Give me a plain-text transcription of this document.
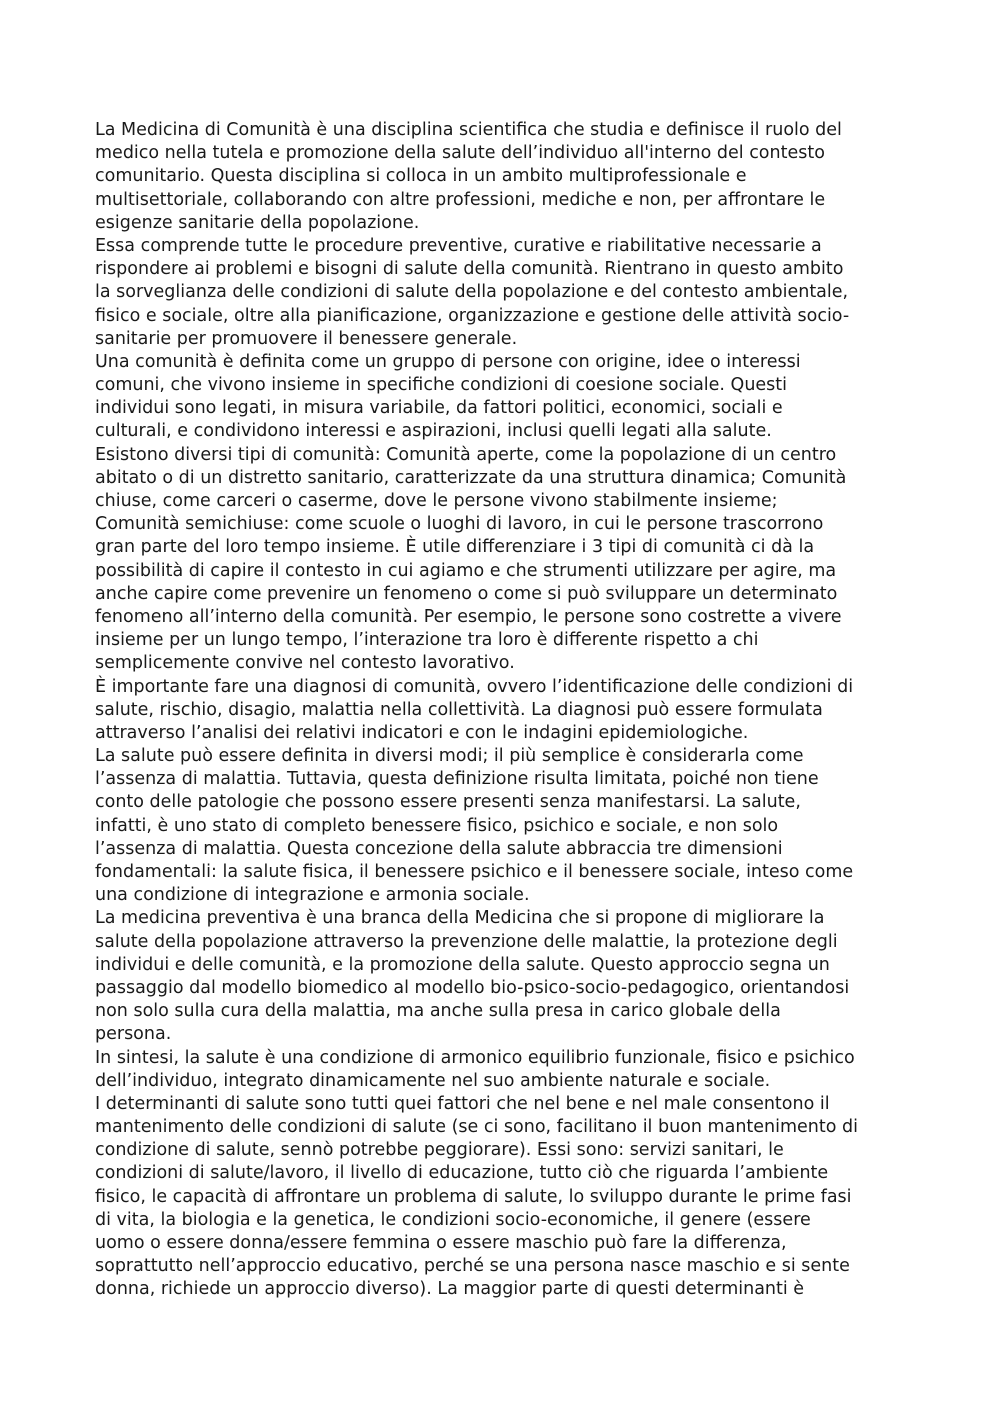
La Medicina di Comunità è una disciplina scientifica che studia e definisce il ruolo del
medico nella tutela e promozione della salute dell’individuo all'interno del contesto
comunitario. Questa disciplina si colloca in un ambito multiprofessionale e
multisettoriale, collaborando con altre professioni, mediche e non, per affrontare le
esigenze sanitarie della popolazione.
Essa comprende tutte le procedure preventive, curative e riabilitative necessarie a
rispondere ai problemi e bisogni di salute della comunità. Rientrano in questo ambito
la sorveglianza delle condizioni di salute della popolazione e del contesto ambientale,
fisico e sociale, oltre alla pianificazione, organizzazione e gestione delle attività socio-
sanitarie per promuovere il benessere generale.
Una comunità è definita come un gruppo di persone con origine, idee o interessi
comuni, che vivono insieme in specifiche condizioni di coesione sociale. Questi
individui sono legati, in misura variabile, da fattori politici, economici, sociali e
culturali, e condividono interessi e aspirazioni, inclusi quelli legati alla salute.
Esistono diversi tipi di comunità: Comunità aperte, come la popolazione di un centro
abitato o di un distretto sanitario, caratterizzate da una struttura dinamica; Comunità
chiuse, come carceri o caserme, dove le persone vivono stabilmente insieme;
Comunità semichiuse: come scuole o luoghi di lavoro, in cui le persone trascorrono
gran parte del loro tempo insieme. È utile differenziare i 3 tipi di comunità ci dà la
possibilità di capire il contesto in cui agiamo e che strumenti utilizzare per agire, ma
anche capire come prevenire un fenomeno o come si può sviluppare un determinato
fenomeno all’interno della comunità. Per esempio, le persone sono costrette a vivere
insieme per un lungo tempo, l’interazione tra loro è differente rispetto a chi
semplicemente convive nel contesto lavorativo.
È importante fare una diagnosi di comunità, ovvero l’identificazione delle condizioni di
salute, rischio, disagio, malattia nella collettività. La diagnosi può essere formulata
attraverso l’analisi dei relativi indicatori e con le indagini epidemiologiche.
La salute può essere definita in diversi modi; il più semplice è considerarla come
l’assenza di malattia. Tuttavia, questa definizione risulta limitata, poiché non tiene
conto delle patologie che possono essere presenti senza manifestarsi. La salute,
infatti, è uno stato di completo benessere fisico, psichico e sociale, e non solo
l’assenza di malattia. Questa concezione della salute abbraccia tre dimensioni
fondamentali: la salute fisica, il benessere psichico e il benessere sociale, inteso come
una condizione di integrazione e armonia sociale.
La medicina preventiva è una branca della Medicina che si propone di migliorare la
salute della popolazione attraverso la prevenzione delle malattie, la protezione degli
individui e delle comunità, e la promozione della salute. Questo approccio segna un
passaggio dal modello biomedico al modello bio-psico-socio-pedagogico, orientandosi
non solo sulla cura della malattia, ma anche sulla presa in carico globale della
persona.
In sintesi, la salute è una condizione di armonico equilibrio funzionale, fisico e psichico
dell’individuo, integrato dinamicamente nel suo ambiente naturale e sociale.
I determinanti di salute sono tutti quei fattori che nel bene e nel male consentono il
mantenimento delle condizioni di salute (se ci sono, facilitano il buon mantenimento di
condizione di salute, sennò potrebbe peggiorare). Essi sono: servizi sanitari, le
condizioni di salute/lavoro, il livello di educazione, tutto ciò che riguarda l’ambiente
fisico, le capacità di affrontare un problema di salute, lo sviluppo durante le prime fasi
di vita, la biologia e la genetica, le condizioni socio-economiche, il genere (essere
uomo o essere donna/essere femmina o essere maschio può fare la differenza,
soprattutto nell’approccio educativo, perché se una persona nasce maschio e si sente
donna, richiede un approccio diverso). La maggior parte di questi determinanti è
